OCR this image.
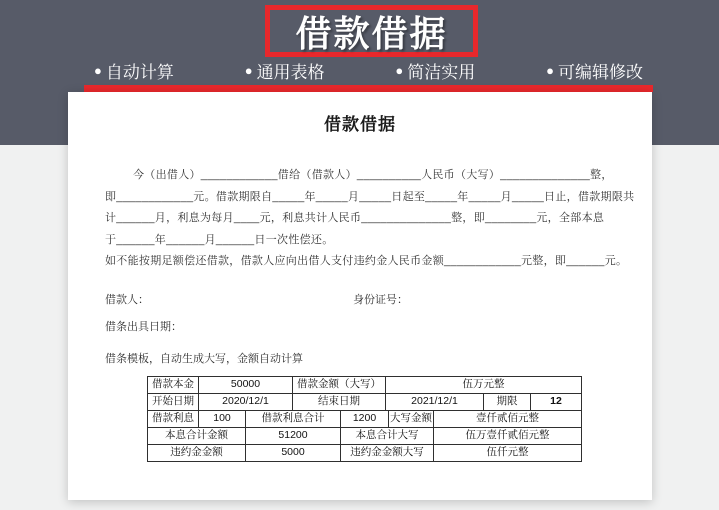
借款借据
● 自动计算	● 通用表格	● 简洁实用	● 可编辑修改
借款借据
今（出借人）____________借给（借款人）__________人民币（大写）______________整，
即____________元。借款期限自_____年_____月_____日起至_____年_____月_____日止，借款期限共
计______月，利息为每月____元，利息共计人民币______________整，即________元，全部本息
于______年______月______日一次性偿还。
如不能按期足额偿还借款，借款人应向出借人支付违约金人民币金额____________元整，即______元。
借款人：	身份证号：
借条出具日期：
借条模板，自动生成大写，金额自动计算
借款本金	50000	借款金额（大写）	伍万元整
开始日期	2020/12/1	结束日期	2021/12/1	期限	12
借款利息	100	借款利息合计	1200	大写金额	壹仟贰佰元整
本息合计金额	51200	本息合计大写	伍万壹仟贰佰元整
违约金金额	5000	违约金金额大写	伍仟元整
